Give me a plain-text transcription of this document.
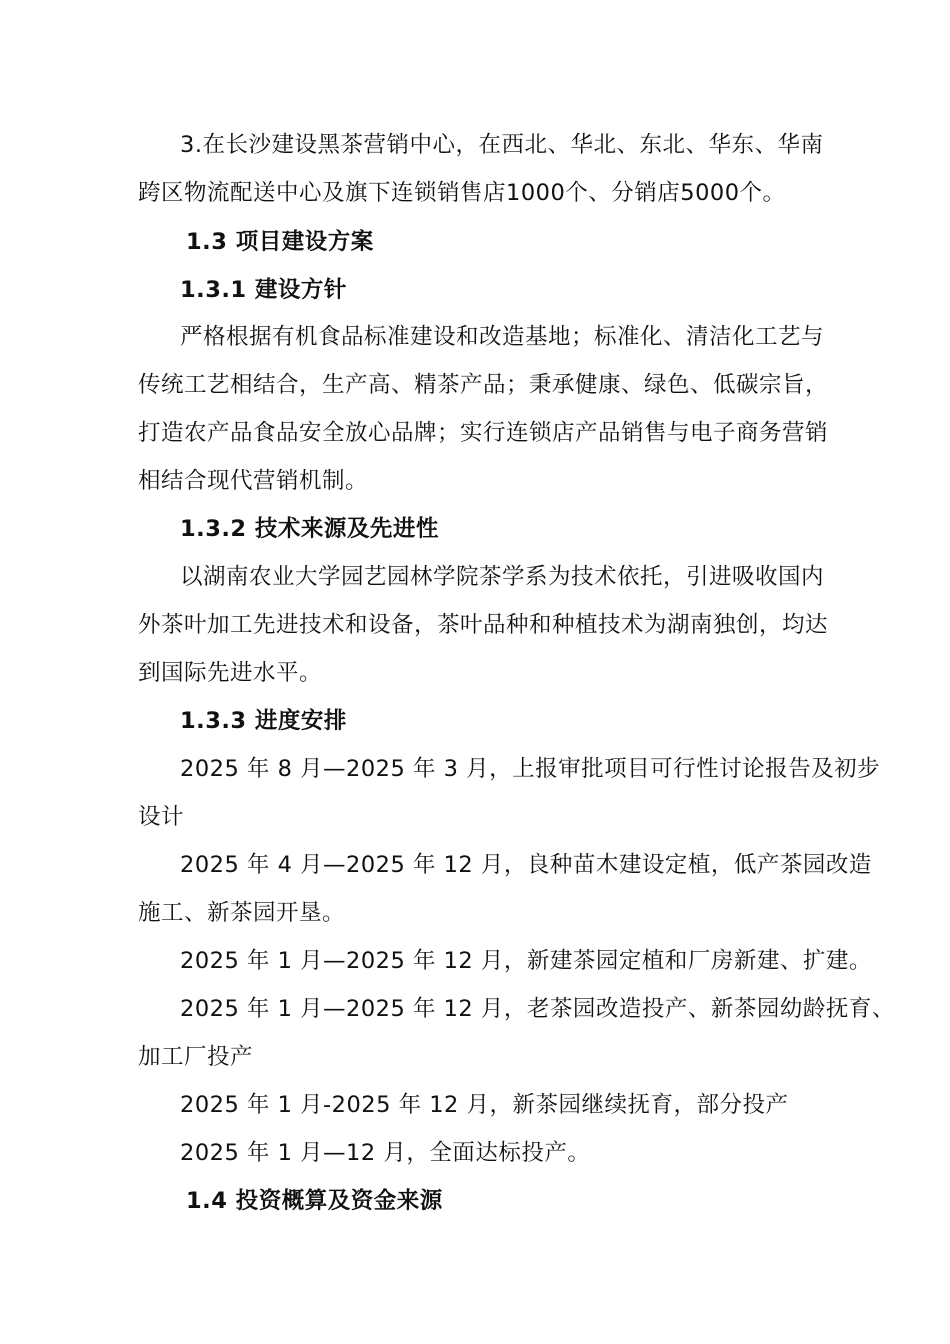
3.在长沙建设黑茶营销中心，在西北、华北、东北、华东、华南
跨区物流配送中心及旗下连锁销售店1000个、分销店5000个。
1.3 项目建设方案
1.3.1 建设方针
严格根据有机食品标准建设和改造基地；标准化、清洁化工艺与
传统工艺相结合，生产高、精茶产品；秉承健康、绿色、低碳宗旨，
打造农产品食品安全放心品牌；实行连锁店产品销售与电子商务营销
相结合现代营销机制。
1.3.2 技术来源及先进性
以湖南农业大学园艺园林学院茶学系为技术依托，引进吸收国内
外茶叶加工先进技术和设备，茶叶品种和种植技术为湖南独创，均达
到国际先进水平。
1.3.3 进度安排
2025 年 8 月—2025 年 3 月，上报审批项目可行性讨论报告及初步
设计
2025 年 4 月—2025 年 12 月，良种苗木建设定植，低产茶园改造
施工、新茶园开垦。
2025 年 1 月—2025 年 12 月，新建茶园定植和厂房新建、扩建。
2025 年 1 月—2025 年 12 月，老茶园改造投产、新茶园幼龄抚育、
加工厂投产
2025 年 1 月-2025 年 12 月，新茶园继续抚育，部分投产
2025 年 1 月—12 月，全面达标投产。
1.4 投资概算及资金来源
